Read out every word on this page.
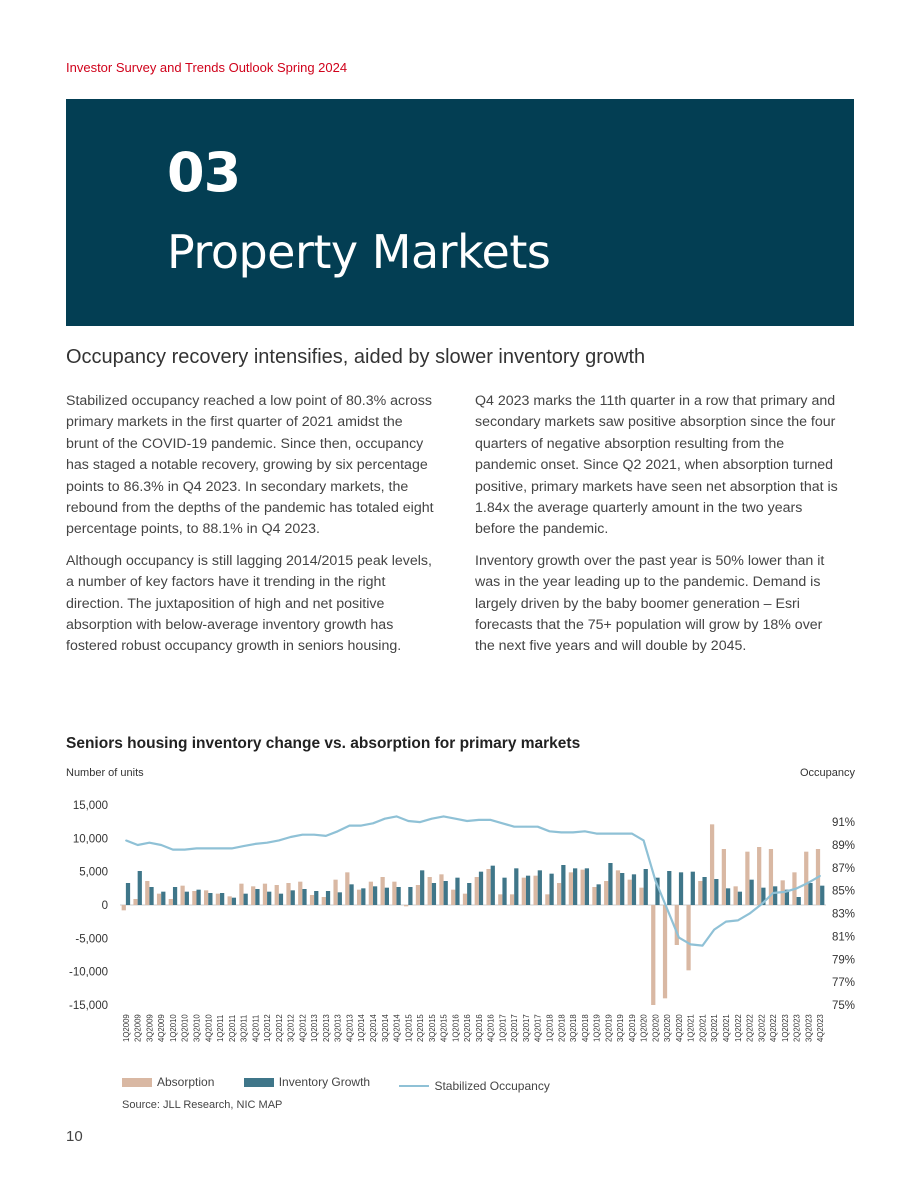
Investor Survey and Trends Outlook Spring 2024
03
Property Markets
Occupancy recovery intensifies, aided by slower inventory growth

Stabilized occupancy reached a low point of 80.3% across primary markets in the first quarter of 2021 amidst the brunt of the COVID-19 pandemic. Since then, occupancy has staged a notable recovery, growing by six percentage points to 86.3% in Q4 2023. In secondary markets, the rebound from the depths of the pandemic has totaled eight percentage points, to 88.1% in Q4 2023.

Although occupancy is still lagging 2014/2015 peak levels, a number of key factors have it trending in the right direction. The juxtaposition of high and net positive absorption with below-average inventory growth has fostered robust occupancy growth in seniors housing.

Q4 2023 marks the 11th quarter in a row that primary and secondary markets saw positive absorption since the four quarters of negative absorption resulting from the pandemic onset. Since Q2 2021, when absorption turned positive, primary markets have seen net absorption that is 1.84x the average quarterly amount in the two years before the pandemic.

Inventory growth over the past year is 50% lower than it was in the year leading up to the pandemic. Demand is largely driven by the baby boomer generation – Esri forecasts that the 75+ population will grow by 18% over the next five years and will double by 2045.

Seniors housing inventory change vs. absorption for primary markets
Number of units	Occupancy
15,000
10,000
5,000
0
-5,000
-10,000
-15,000
91%
89%
87%
85%
83%
81%
79%
77%
75%
1Q2009 2Q2009 3Q2009 4Q2009 1Q2010 2Q2010 3Q2010 4Q2010 1Q2011 2Q2011 3Q2011 4Q2011 1Q2012 2Q2012 3Q2012 4Q2012 1Q2013 2Q2013 3Q2013 4Q2013 1Q2014 2Q2014 3Q2014 4Q2014 1Q2015 2Q2015 3Q2015 4Q2015 1Q2016 2Q2016 3Q2016 4Q2016 1Q2017 2Q2017 3Q2017 4Q2017 1Q2018 2Q2018 3Q2018 4Q2018 1Q2019 2Q2019 3Q2019 4Q2019 1Q2020 2Q2020 3Q2020 4Q2020 1Q2021 2Q2021 3Q2021 4Q2021 1Q2022 2Q2022 3Q2022 4Q2022 1Q2023 2Q2023 3Q2023 4Q2023
Absorption
	Inventory Growth
	Stabilized Occupancy
Source: JLL Research, NIC MAP
10
